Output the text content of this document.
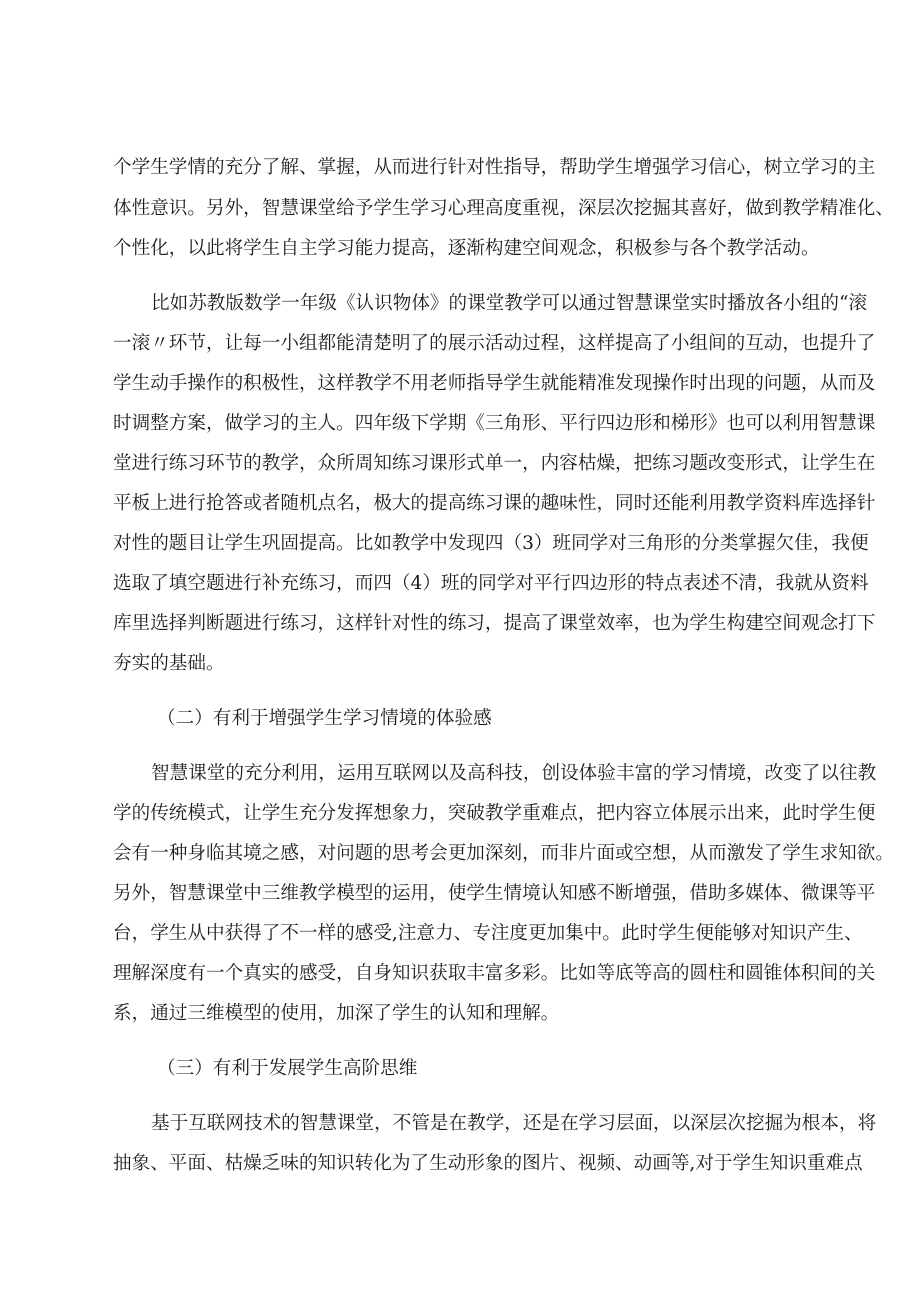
个学生学情的充分了解、掌握，从而进行针对性指导，帮助学生增强学习信心，树立学习的主
体性意识。另外，智慧课堂给予学生学习心理高度重视，深层次挖掘其喜好，做到教学精准化、
个性化，以此将学生自主学习能力提高，逐渐构建空间观念，积极参与各个教学活动。
比如苏教版数学一年级《认识物体》的课堂教学可以通过智慧课堂实时播放各小组的“滚
一滚〃环节，让每一小组都能清楚明了的展示活动过程，这样提高了小组间的互动，也提升了
学生动手操作的积极性，这样教学不用老师指导学生就能精准发现操作时出现的问题，从而及
时调整方案，做学习的主人。四年级下学期《三角形、平行四边形和梯形》也可以利用智慧课
堂进行练习环节的教学，众所周知练习课形式单一，内容枯燥，把练习题改变形式，让学生在
平板上进行抢答或者随机点名，极大的提高练习课的趣味性，同时还能利用教学资料库选择针
对性的题目让学生巩固提高。比如教学中发现四（3）班同学对三角形的分类掌握欠佳，我便
选取了填空题进行补充练习，而四（4）班的同学对平行四边形的特点表述不清，我就从资料
库里选择判断题进行练习，这样针对性的练习，提高了课堂效率，也为学生构建空间观念打下
夯实的基础。
（二）有利于增强学生学习情境的体验感
智慧课堂的充分利用，运用互联网以及高科技，创设体验丰富的学习情境，改变了以往教
学的传统模式，让学生充分发挥想象力，突破教学重难点，把内容立体展示出来，此时学生便
会有一种身临其境之感，对问题的思考会更加深刻，而非片面或空想，从而激发了学生求知欲。
另外，智慧课堂中三维教学模型的运用，使学生情境认知感不断增强，借助多媒体、微课等平
台，学生从中获得了不一样的感受,注意力、专注度更加集中。此时学生便能够对知识产生、
理解深度有一个真实的感受，自身知识获取丰富多彩。比如等底等高的圆柱和圆锥体积间的关
系，通过三维模型的使用，加深了学生的认知和理解。
（三）有利于发展学生高阶思维
基于互联网技术的智慧课堂，不管是在教学，还是在学习层面，以深层次挖掘为根本，将
抽象、平面、枯燥乏味的知识转化为了生动形象的图片、视频、动画等,对于学生知识重难点
